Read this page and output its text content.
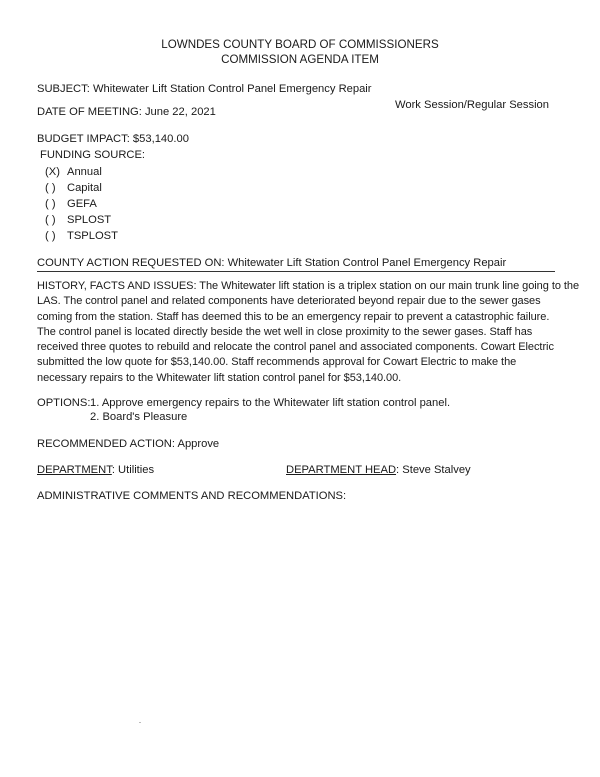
LOWNDES COUNTY BOARD OF COMMISSIONERS
COMMISSION AGENDA ITEM
SUBJECT: Whitewater Lift Station Control Panel Emergency Repair
DATE OF MEETING: June 22, 2021
Work Session/Regular Session
BUDGET IMPACT: $53,140.00
FUNDING SOURCE:
(X) Annual
( ) Capital
( ) GEFA
( ) SPLOST
( ) TSPLOST
COUNTY ACTION REQUESTED ON: Whitewater Lift Station Control Panel Emergency Repair
HISTORY, FACTS AND ISSUES: The Whitewater lift station is a triplex station on our main trunk line going to the
LAS. The control panel and related components have deteriorated beyond repair due to the sewer gases
coming from the station. Staff has deemed this to be an emergency repair to prevent a catastrophic failure.
The control panel is located directly beside the wet well in close proximity to the sewer gases. Staff has
received three quotes to rebuild and relocate the control panel and associated components. Cowart Electric
submitted the low quote for $53,140.00. Staff recommends approval for Cowart Electric to make the
necessary repairs to the Whitewater lift station control panel for $53,140.00.
OPTIONS: 1. Approve emergency repairs to the Whitewater lift station control panel.
2. Board's Pleasure
RECOMMENDED ACTION: Approve
DEPARTMENT: Utilities	DEPARTMENT HEAD: Steve Stalvey
ADMINISTRATIVE COMMENTS AND RECOMMENDATIONS:
